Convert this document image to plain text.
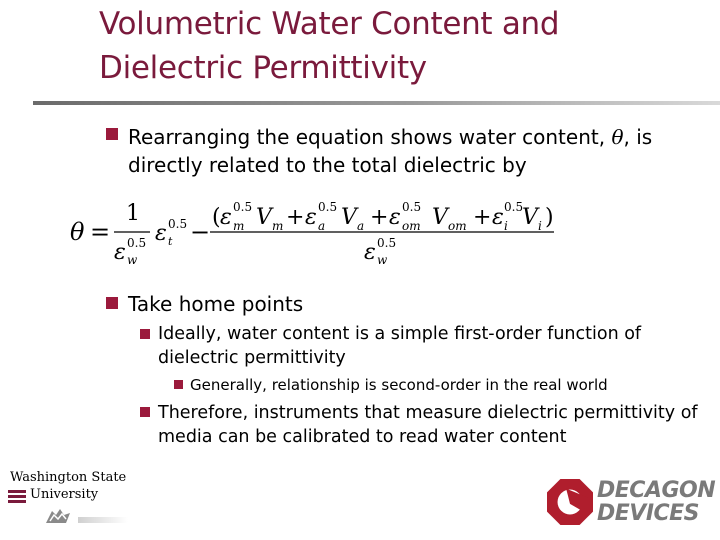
Volumetric Water Content and
Dielectric Permittivity
Rearranging the equation shows water content, θ, is
directly related to the total dielectric by
θ =
1
ε 0.5
w
ε 0.5
t −
( ε 0.5
m V m + ε 0.5
a V a + ε 0.5
om V om + ε 0.5
i V i )
ε 0.5
w
Take home points
Ideally, water content is a simple first-order function of
dielectric permittivity
Generally, relationship is second-order in the real world
Therefore, instruments that measure dielectric permittivity of
media can be calibrated to read water content
Washington State
University	DECAGON
DEVICES
